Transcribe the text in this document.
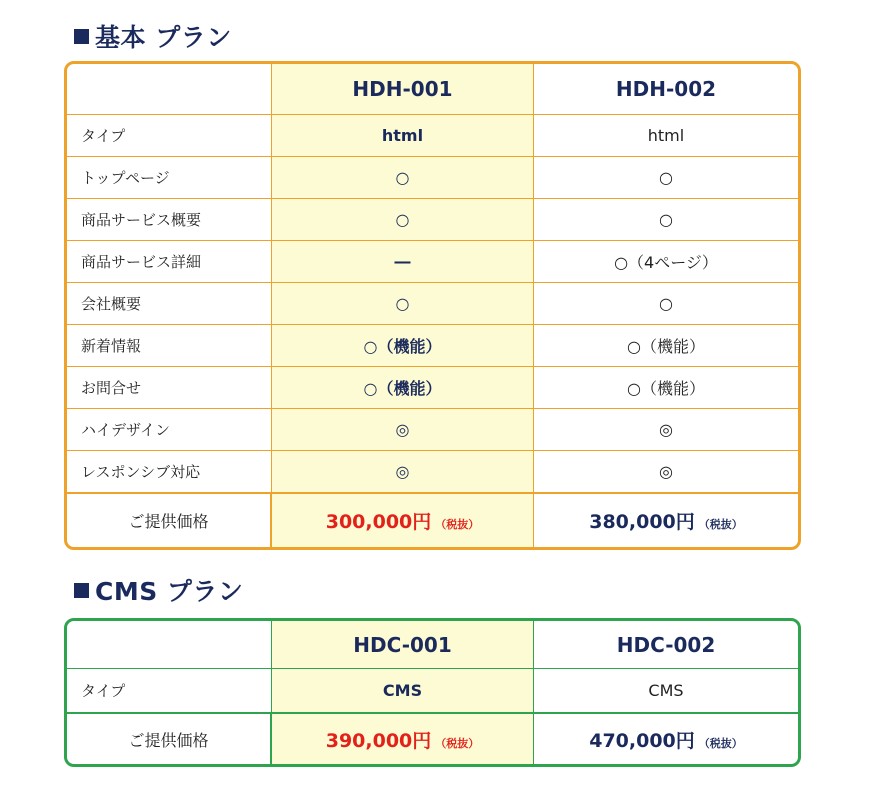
基本 プラン
	HDH-001	HDH-002
タイプ	html	html
トップページ	○	○
商品サービス概要	○	○
商品サービス詳細	―	○（4ページ）
会社概要	○	○
新着情報	○（機能）	○（機能）
お問合せ	○（機能）	○（機能）
ハイデザイン	◎	◎
レスポンシブ対応	◎	◎
ご提供価格	300,000円 （税抜）	380,000円 （税抜）
CMS プラン
	HDC-001	HDC-002
タイプ	CMS	CMS
ご提供価格	390,000円 （税抜）	470,000円 （税抜）
